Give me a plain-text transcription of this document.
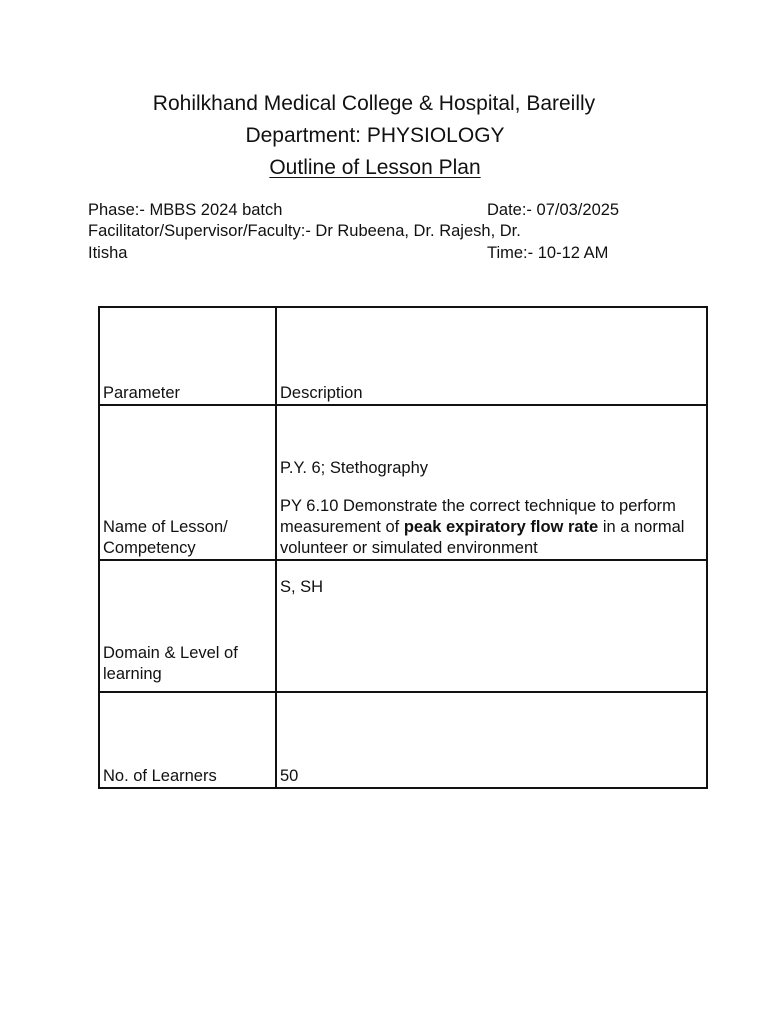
Rohilkhand Medical College & Hospital, Bareilly
Department: PHYSIOLOGY
Outline of Lesson Plan
Phase:- MBBS 2024 batch	Date:- 07/03/2025
Facilitator/Supervisor/Faculty:- Dr Rubeena, Dr. Rajesh, Dr.
Itisha	Time:- 10-12 AM
Parameter	Description
Name of Lesson/ Competency	P.Y. 6; Stethography

PY 6.10 Demonstrate the correct technique to perform measurement of peak expiratory flow rate in a normal volunteer or simulated environment

Domain & Level of learning	S, SH
No. of Learners	50
